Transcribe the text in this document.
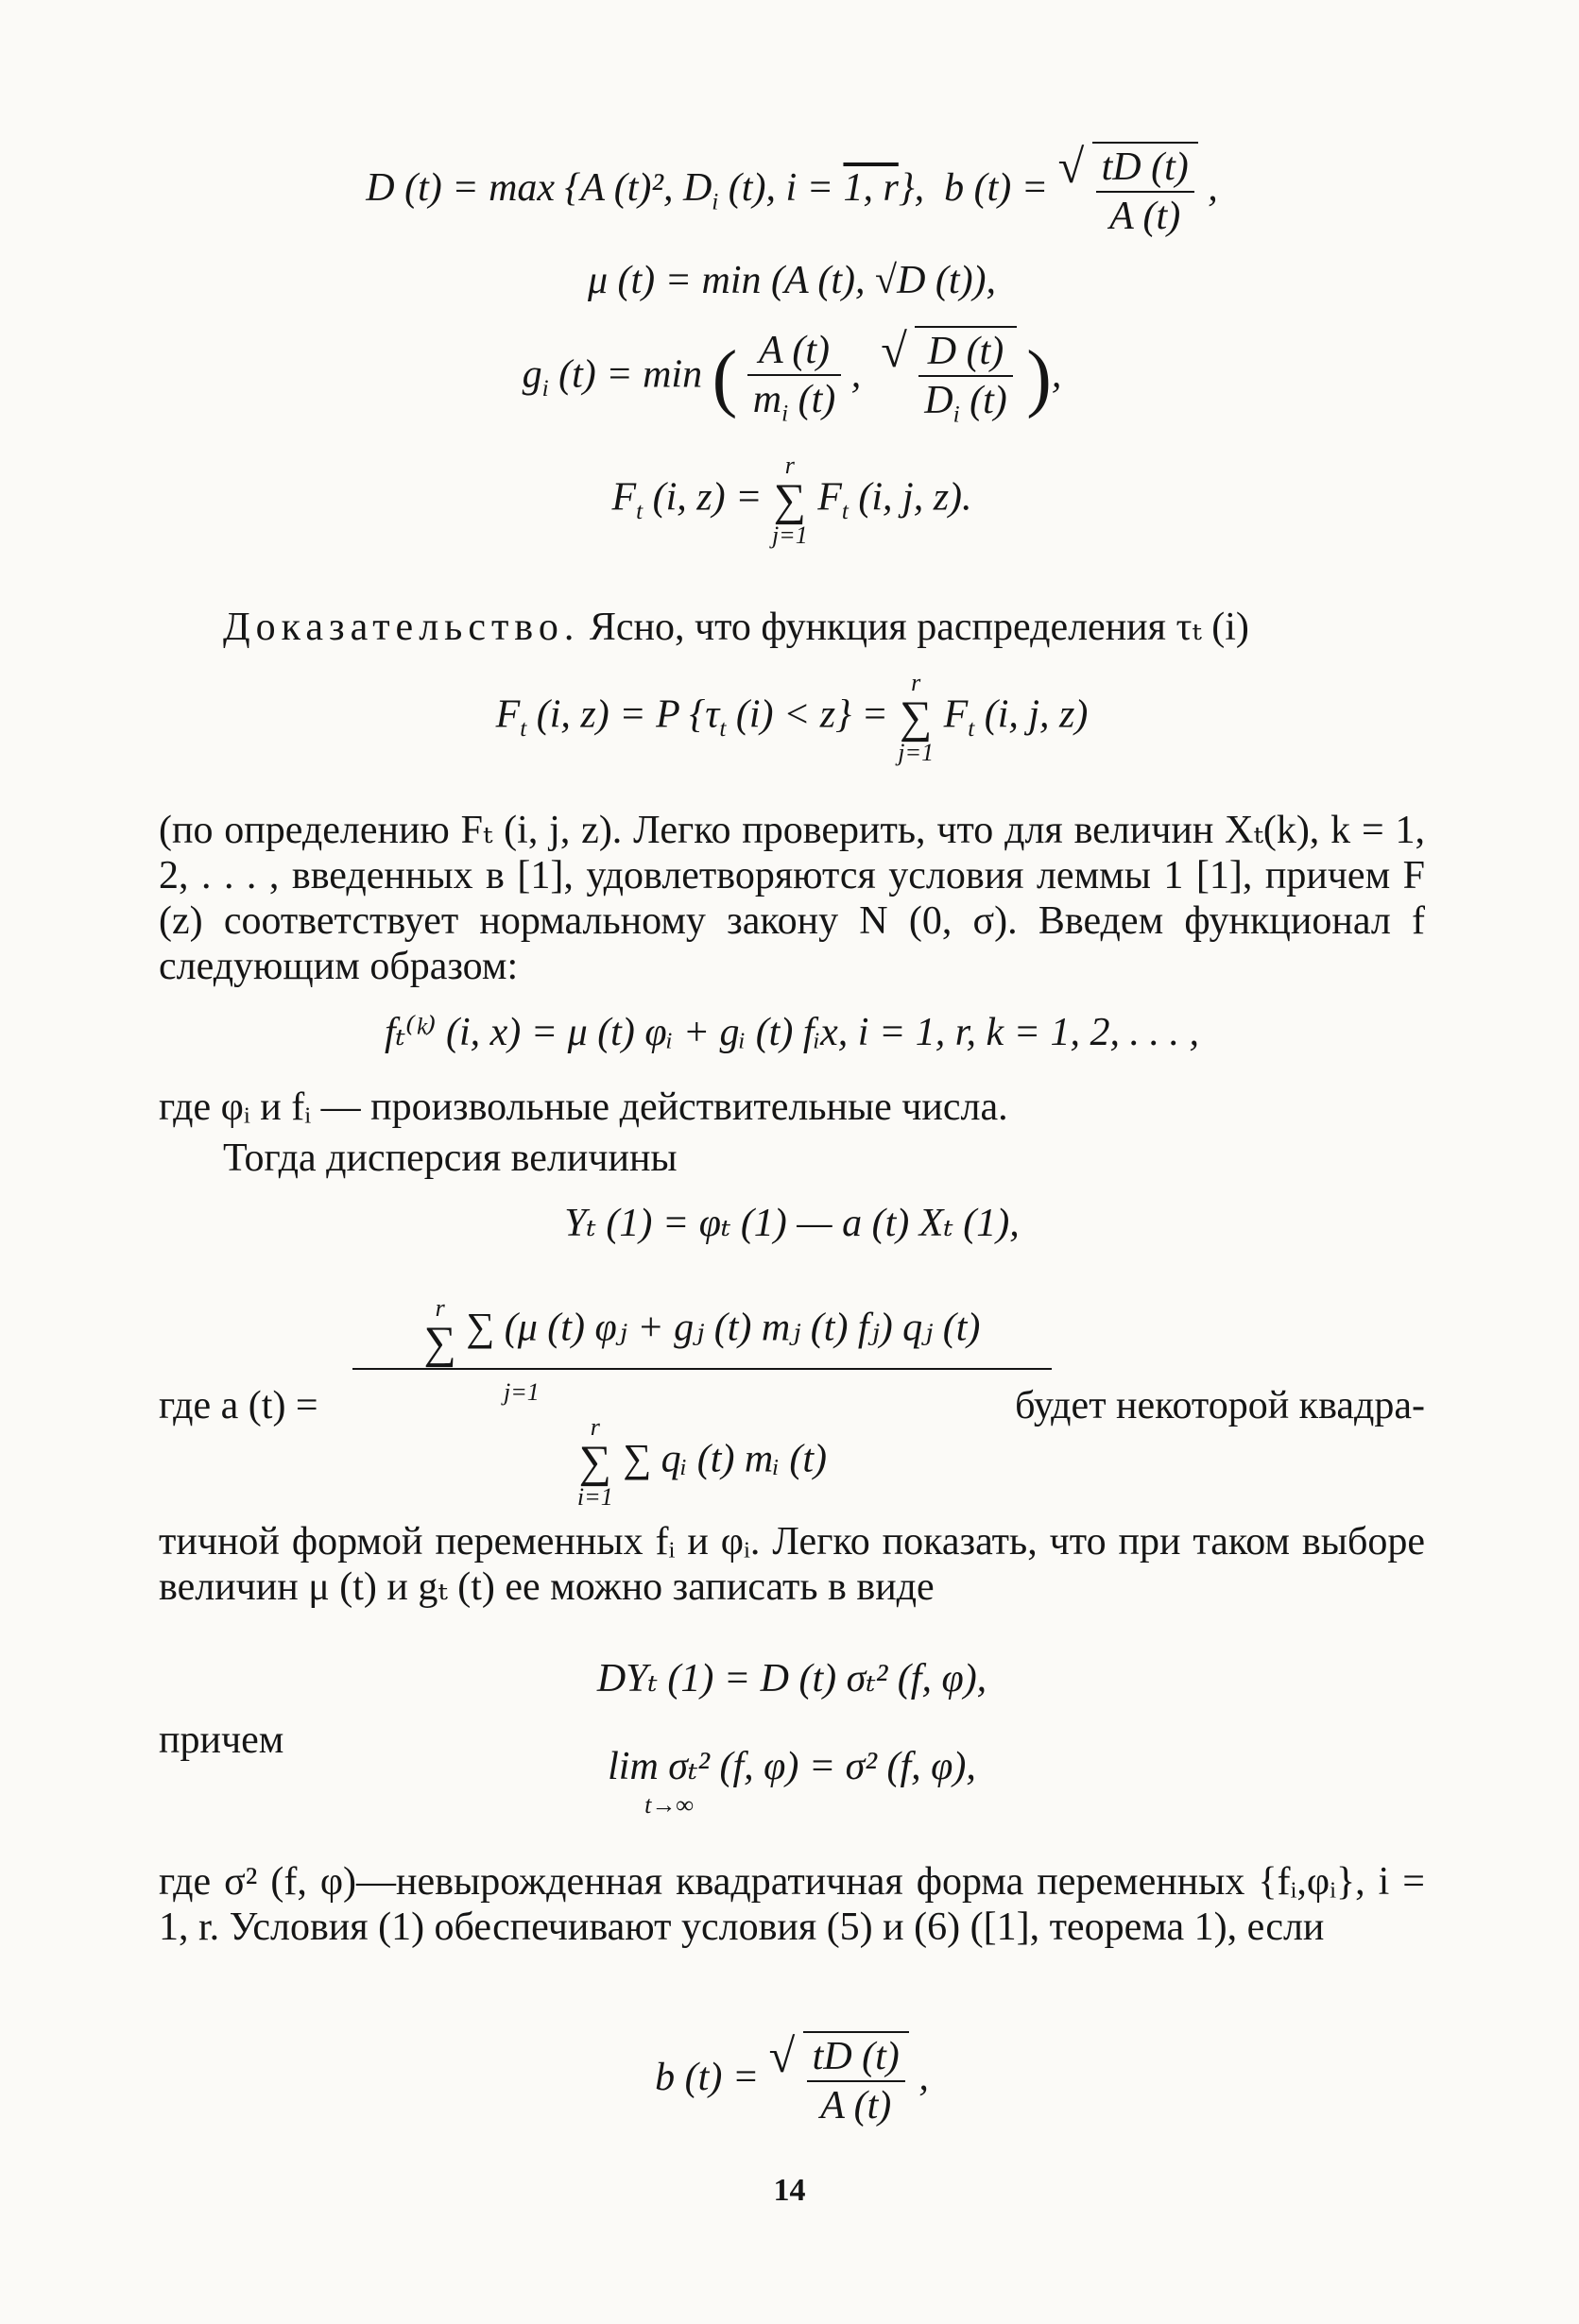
D (t) = max {A (t)², $D_i$ (t), i = 1, r},  b (t) = √ $\frac{tD (t)}{A (t)}$ ,
μ (t) = min (A (t), √D (t)),
$g_i$ (t) = min ( $\frac{A (t)}{m_i (t)}$ , √ $\frac{D (t)}{D_i (t)}$ ),
$F_t$ (i, z) =
r
∑
j=1
$F_t$ (i, j, z).
Доказательство. Ясно, что функция распределения τₜ (i)
$F_t$ (i, z) = P {$\tau_t$ (i) < z} =
r
∑
j=1
$F_t$ (i, j, z)
(по определению Fₜ (i, j, z). Легко проверить, что для величин Xₜ(k), k = 1, 2, . . . , введенных в [1], удовлетворяются условия леммы 1 [1], причем F (z) соответствует нормальному закону N (0, σ). Введем функционал f следующим образом:
fₜ⁽ᵏ⁾ (i, x) = μ (t) φᵢ + gᵢ (t) fᵢx, i = 1, r, k = 1, 2, . . . ,
где φᵢ и fᵢ — произвольные действительные числа.
Тогда дисперсия величины
Yₜ (1) = φₜ (1) — a (t) Xₜ (1),
где a (t) =
r
∑ ∑ (μ (t) φⱼ + gⱼ (t) mⱼ (t) fⱼ) qⱼ (t)
j=1
r
∑
i=1
∑ qᵢ (t) mᵢ (t)
будет некоторой квадра-
тичной формой переменных fᵢ и φᵢ. Легко показать, что при таком выборе величин μ (t) и gₜ (t) ее можно записать в виде
DYₜ (1) = D (t) σₜ² (f, φ),
причем
lim σₜ² (f, φ) = σ² (f, φ),
t→∞
где σ² (f, φ)—невырожденная квадратичная форма переменных {fᵢ,φᵢ}, i = 1, r. Условия (1) обеспечивают условия (5) и (6) ([1], теорема 1), если
b (t) = √ $\frac{tD (t)}{A (t)}$ ,
14
